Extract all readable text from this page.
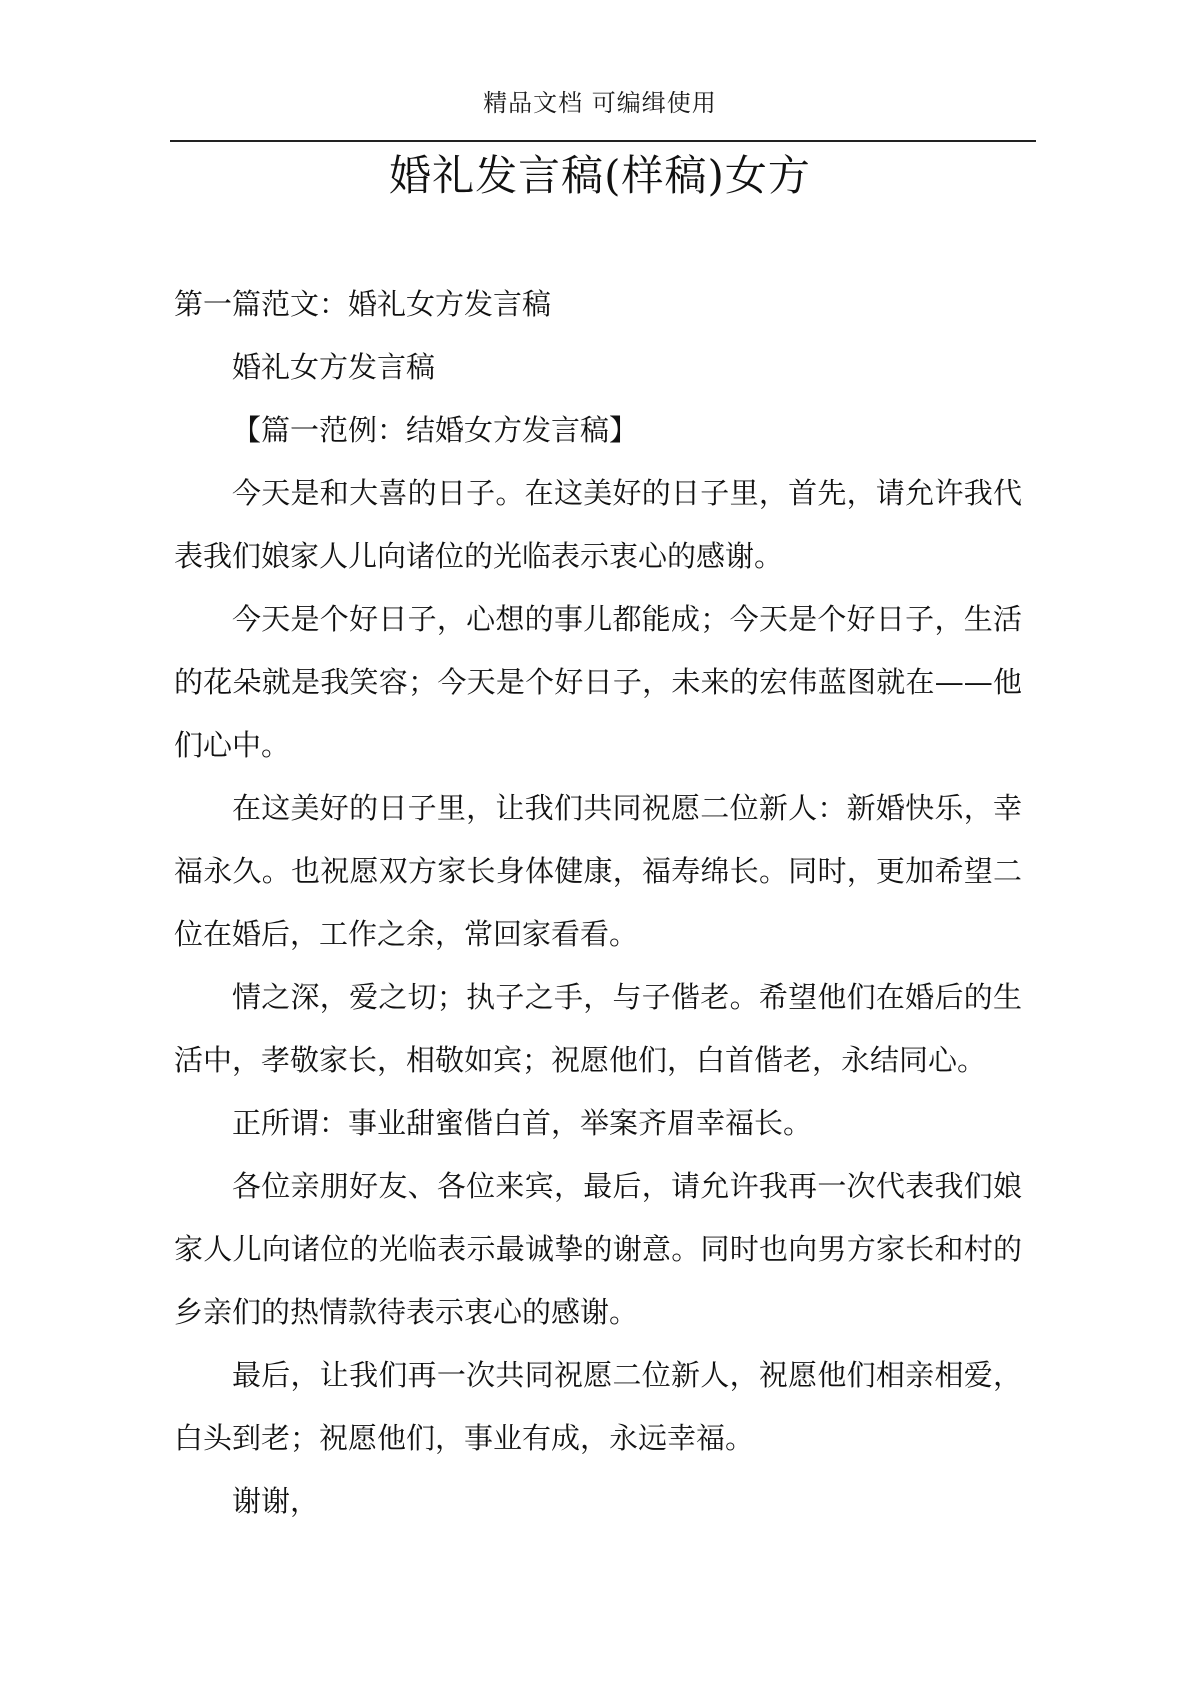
精品文档 可编缉使用
婚礼发言稿(样稿)女方

第一篇范文：婚礼女方发言稿

婚礼女方发言稿

【篇一范例：结婚女方发言稿】

今天是和大喜的日子。在这美好的日子里，首先，请允许我代表我们娘家人儿向诸位的光临表示衷心的感谢。

今天是个好日子，心想的事儿都能成；今天是个好日子，生活的花朵就是我笑容；今天是个好日子，未来的宏伟蓝图就在——他们心中。

在这美好的日子里，让我们共同祝愿二位新人：新婚快乐，幸福永久。也祝愿双方家长身体健康，福寿绵长。同时，更加希望二位在婚后，工作之余，常回家看看。

情之深，爱之切；执子之手，与子偕老。希望他们在婚后的生活中，孝敬家长，相敬如宾；祝愿他们，白首偕老，永结同心。

正所谓：事业甜蜜偕白首，举案齐眉幸福长。

各位亲朋好友、各位来宾，最后，请允许我再一次代表我们娘家人儿向诸位的光临表示最诚挚的谢意。同时也向男方家长和村的乡亲们的热情款待表示衷心的感谢。

最后，让我们再一次共同祝愿二位新人，祝愿他们相亲相爱，白头到老；祝愿他们，事业有成，永远幸福。

谢谢，
